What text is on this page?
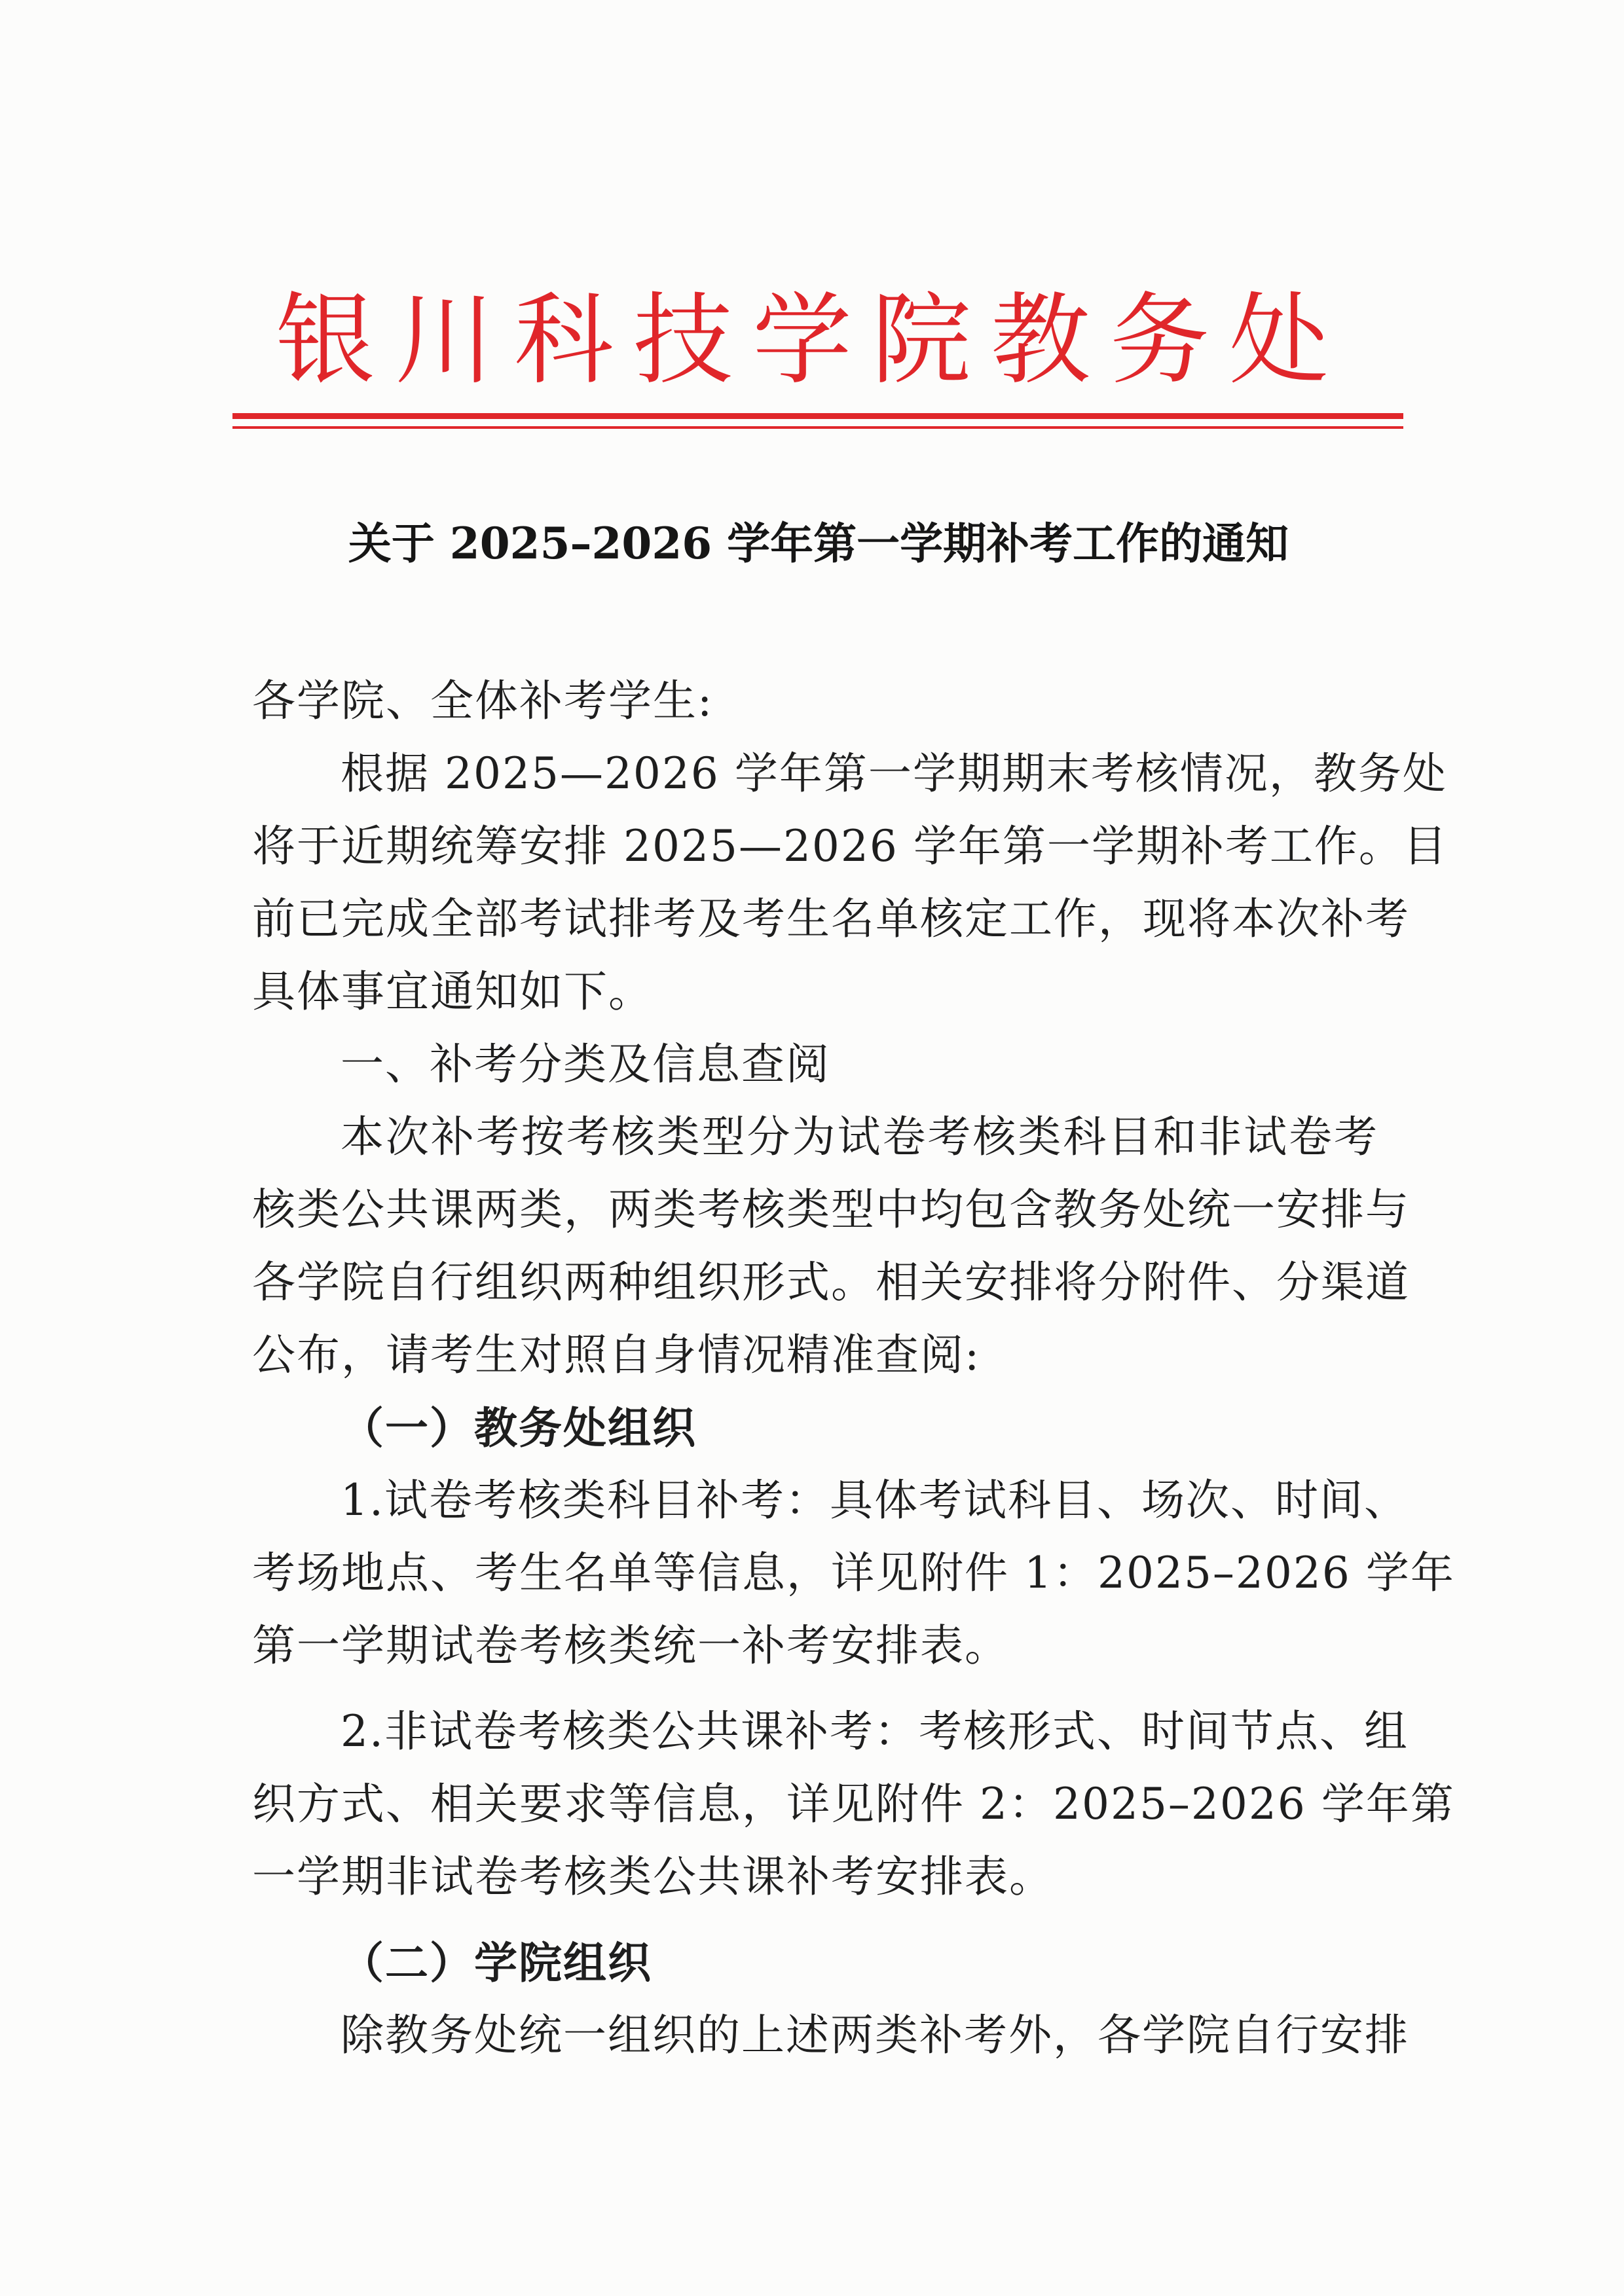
银川科技学院教务处
关于 2025–2026 学年第一学期补考工作的通知
各学院、全体补考学生:
根据 2025—2026 学年第一学期期末考核情况，教务处
将于近期统筹安排 2025—2026 学年第一学期补考工作。目
前已完成全部考试排考及考生名单核定工作，现将本次补考
具体事宜通知如下。
一、补考分类及信息查阅
本次补考按考核类型分为试卷考核类科目和非试卷考
核类公共课两类，两类考核类型中均包含教务处统一安排与
各学院自行组织两种组织形式。相关安排将分附件、分渠道
公布，请考生对照自身情况精准查阅:
（一）教务处组织
1.试卷考核类科目补考：具体考试科目、场次、时间、
考场地点、考生名单等信息，详见附件 1：2025–2026 学年
第一学期试卷考核类统一补考安排表。
2.非试卷考核类公共课补考：考核形式、时间节点、组
织方式、相关要求等信息，详见附件 2：2025–2026 学年第
一学期非试卷考核类公共课补考安排表。
（二）学院组织
除教务处统一组织的上述两类补考外，各学院自行安排
